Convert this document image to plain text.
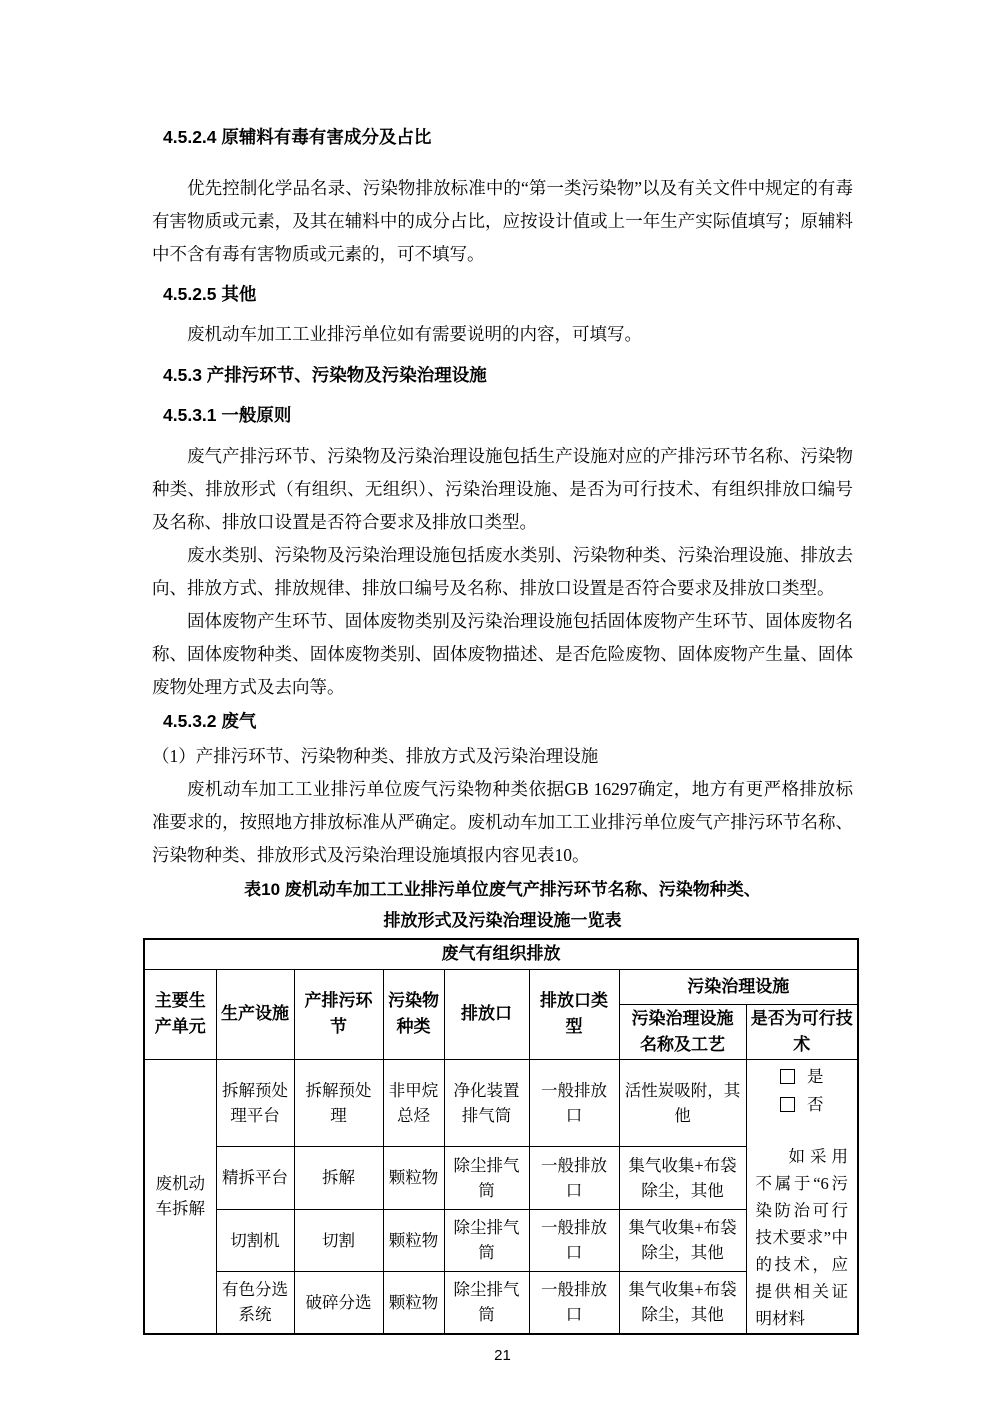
4.5.2.4 原辅料有毒有害成分及占比

优先控制化学品名录、污染物排放标准中的“第一类污染物”以及有关文件中规定的有毒有害物质或元素，及其在辅料中的成分占比，应按设计值或上一年生产实际值填写；原辅料中不含有毒有害物质或元素的，可不填写。

4.5.2.5 其他

废机动车加工工业排污单位如有需要说明的内容，可填写。

4.5.3 产排污环节、污染物及污染治理设施
4.5.3.1 一般原则

废气产排污环节、污染物及污染治理设施包括生产设施对应的产排污环节名称、污染物种类、排放形式（有组织、无组织）、污染治理设施、是否为可行技术、有组织排放口编号及名称、排放口设置是否符合要求及排放口类型。

废水类别、污染物及污染治理设施包括废水类别、污染物种类、污染治理设施、排放去向、排放方式、排放规律、排放口编号及名称、排放口设置是否符合要求及排放口类型。

固体废物产生环节、固体废物类别及污染治理设施包括固体废物产生环节、固体废物名称、固体废物种类、固体废物类别、固体废物描述、是否危险废物、固体废物产生量、固体废物处理方式及去向等。

4.5.3.2 废气

（1）产排污环节、污染物种类、排放方式及污染治理设施

废机动车加工工业排污单位废气污染物种类依据GB 16297确定，地方有更严格排放标准要求的，按照地方排放标准从严确定。废机动车加工工业排污单位废气产排污环节名称、污染物种类、排放形式及污染治理设施填报内容见表10。

表10 废机动车加工工业排污单位废气产排污环节名称、污染物种类、
排放形式及污染治理设施一览表
废气有组织排放							
主要生产单元	生产设施	产排污环节	污染物种类	排放口	排放口类型	污染治理设施	
						污染治理设施名称及工艺	是否为可行技术
废机动车拆解	拆解预处理平台	拆解预处理	非甲烷总烃	净化装置排气筒	一般排放口	活性炭吸附，其他	是
否
如采用不属于“6污染防治可行技术要求”中的技术，应提供相关证明材料

	精拆平台	拆解	颗粒物	除尘排气筒	一般排放口	集气收集+布袋除尘，其他	
	切割机	切割	颗粒物	除尘排气筒	一般排放口	集气收集+布袋除尘，其他	
	有色分选系统	破碎分选	颗粒物	除尘排气筒	一般排放口	集气收集+布袋除尘，其他	
21
